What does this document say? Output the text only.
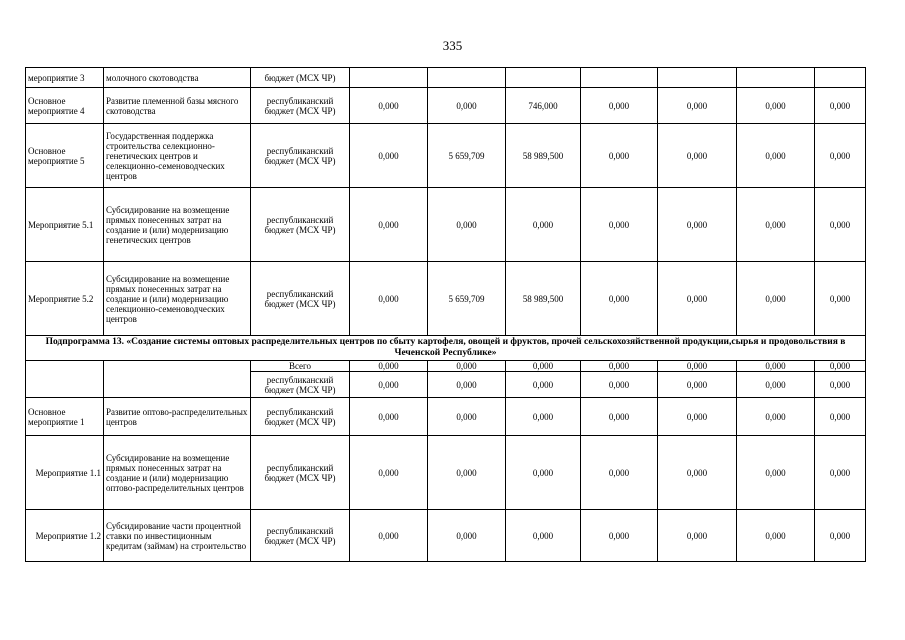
335
мероприятие 3	молочного скотоводства	бюджет (МСХ ЧР)							
Основное мероприятие 4	Развитие племенной базы мясного скотоводства	республиканский бюджет (МСХ ЧР)	0,000	0,000	746,000	0,000	0,000	0,000	0,000
Основное мероприятие 5	Государственная поддержка строительства селекционно-генетических центров и селекционно-семеноводческих центров	республиканский бюджет (МСХ ЧР)	0,000	5 659,709	58 989,500	0,000	0,000	0,000	0,000
Мероприятие 5.1	Субсидирование на возмещение прямых понесенных затрат на создание и (или) модернизацию генетических центров	республиканский бюджет (МСХ ЧР)	0,000	0,000	0,000	0,000	0,000	0,000	0,000
Мероприятие 5.2	Субсидирование на возмещение прямых понесенных затрат на создание и (или) модернизацию селекционно-семеноводческих центров	республиканский бюджет (МСХ ЧР)	0,000	5 659,709	58 989,500	0,000	0,000	0,000	0,000
Подпрограмма 13. «Создание системы оптовых распределительных центров по сбыту картофеля, овощей и фруктов, прочей сельскохозяйственной продукции,сырья и продовольствия в Чеченской Республике»									
		Всего	0,000	0,000	0,000	0,000	0,000	0,000	0,000
		республиканский бюджет (МСХ ЧР)	0,000	0,000	0,000	0,000	0,000	0,000	0,000
Основное мероприятие 1	Развитие оптово-распределительных центров	республиканский бюджет (МСХ ЧР)	0,000	0,000	0,000	0,000	0,000	0,000	0,000
Мероприятие 1.1	Субсидирование на возмещение прямых понесенных затрат на создание и (или) модернизацию оптово-распределительных центров	республиканский бюджет (МСХ ЧР)	0,000	0,000	0,000	0,000	0,000	0,000	0,000
Мероприятие 1.2	Субсидирование части процентной ставки по инвестиционным кредитам (займам) на строительство	республиканский бюджет (МСХ ЧР)	0,000	0,000	0,000	0,000	0,000	0,000	0,000
